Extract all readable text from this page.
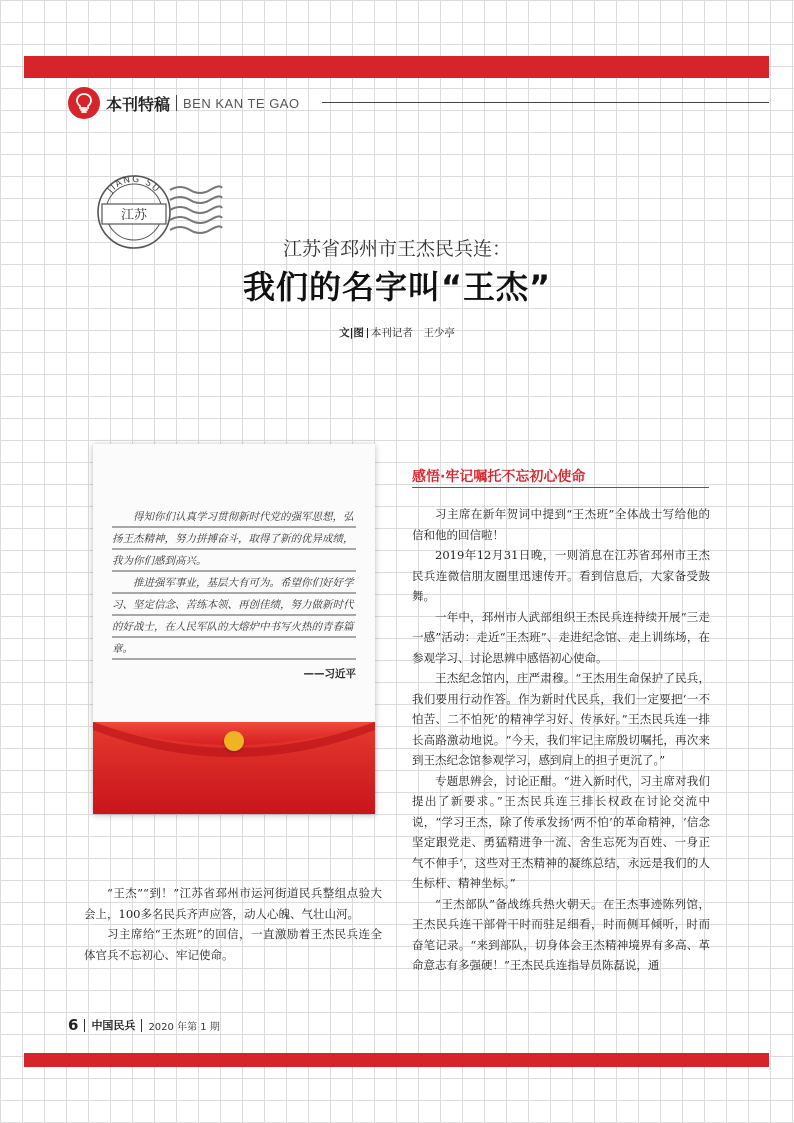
本刊特稿 BEN KAN TE GAO
JIANG SU
江苏
江苏省邳州市王杰民兵连：
我们的名字叫“王杰”
文|图 本刊记者　王少亭

得知你们认真学习贯彻新时代党的强军思想，弘扬王杰精神，努力拼搏奋斗，取得了新的优异成绩，我为你们感到高兴。

推进强军事业，基层大有可为。希望你们好好学习、坚定信念、苦练本领、再创佳绩，努力做新时代的好战士，在人民军队的大熔炉中书写火热的青春篇章。

——习近平

感悟·牢记嘱托不忘初心使命

习主席在新年贺词中提到“王杰班”全体战士写给他的信和他的回信啦！

2019年12月31日晚，一则消息在江苏省邳州市王杰民兵连微信朋友圈里迅速传开。看到信息后，大家备受鼓舞。

一年中，邳州市人武部组织王杰民兵连持续开展“三走一感”活动：走近“王杰班”、走进纪念馆、走上训练场，在参观学习、讨论思辨中感悟初心使命。

王杰纪念馆内，庄严肃穆。“王杰用生命保护了民兵，我们要用行动作答。作为新时代民兵，我们一定要把‘一不怕苦、二不怕死’的精神学习好、传承好。”王杰民兵连一排长高路激动地说。“今天，我们牢记主席殷切嘱托，再次来到王杰纪念馆参观学习，感到肩上的担子更沉了。”

专题思辨会，讨论正酣。“进入新时代，习主席对我们提出了新要求。”王杰民兵连三排长权政在讨论交流中说，“学习王杰，除了传承发扬‘两不怕’的革命精神，‘信念坚定跟党走、勇猛精进争一流、舍生忘死为百姓、一身正气不伸手’，这些对王杰精神的凝练总结，永远是我们的人生标杆、精神坐标。”

“王杰部队”备战练兵热火朝天。在王杰事迹陈列馆，王杰民兵连干部骨干时而驻足细看，时而侧耳倾听，时而奋笔记录。“来到部队，切身体会王杰精神境界有多高、革命意志有多强硬！”王杰民兵连指导员陈磊说，通

“王杰”“到！”江苏省邳州市运河街道民兵整组点验大会上，100多名民兵齐声应答，动人心魄、气壮山河。

习主席给“王杰班”的回信，一直激励着王杰民兵连全体官兵不忘初心、牢记使命。

6 中国民兵 2020 年第 1 期
